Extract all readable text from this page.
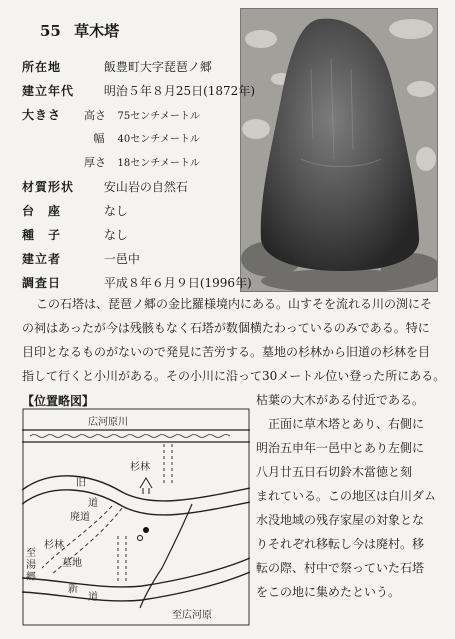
55 草木塔
所在地	飯豊町大字琵琶ノ郷
建立年代 明治５年８月25日(1872年)
大きさ	高さ 75センチメートル
幅 40センチメートル
厚さ 18センチメートル
材質形状 安山岩の自然石
台　座	なし
種　子	なし
建立者	一邑中
調査日	平成８年６月９日(1996年)
この石塔は、琵琶ノ郷の金比羅様境内にある。山すそを流れる川の渕にそ
の祠はあったが今は残骸もなく石塔が数個横たわっているのみである。特に
目印となるものがないので発見に苦労する。墓地の杉林から旧道の杉林を目
指して行くと小川がある。その小川に沿って30メートル位い登った所にある。
【位置略図】	枯葉の大木がある付近である。
正面に草木塔とあり、右側に
明治五申年一邑中とあり左側に
八月廿五日石切鈴木當徳と刻
まれている。この地区は白川ダム
水没地域の残存家屋の対象とな
りそれぞれ移転し今は廃村。移
転の際、村中で祭っていた石塔
をこの地に集めたという。
広河原川
旧
道
杉林
廃道
杉林
墓地
新
道
至
湯
郷
至広河原
